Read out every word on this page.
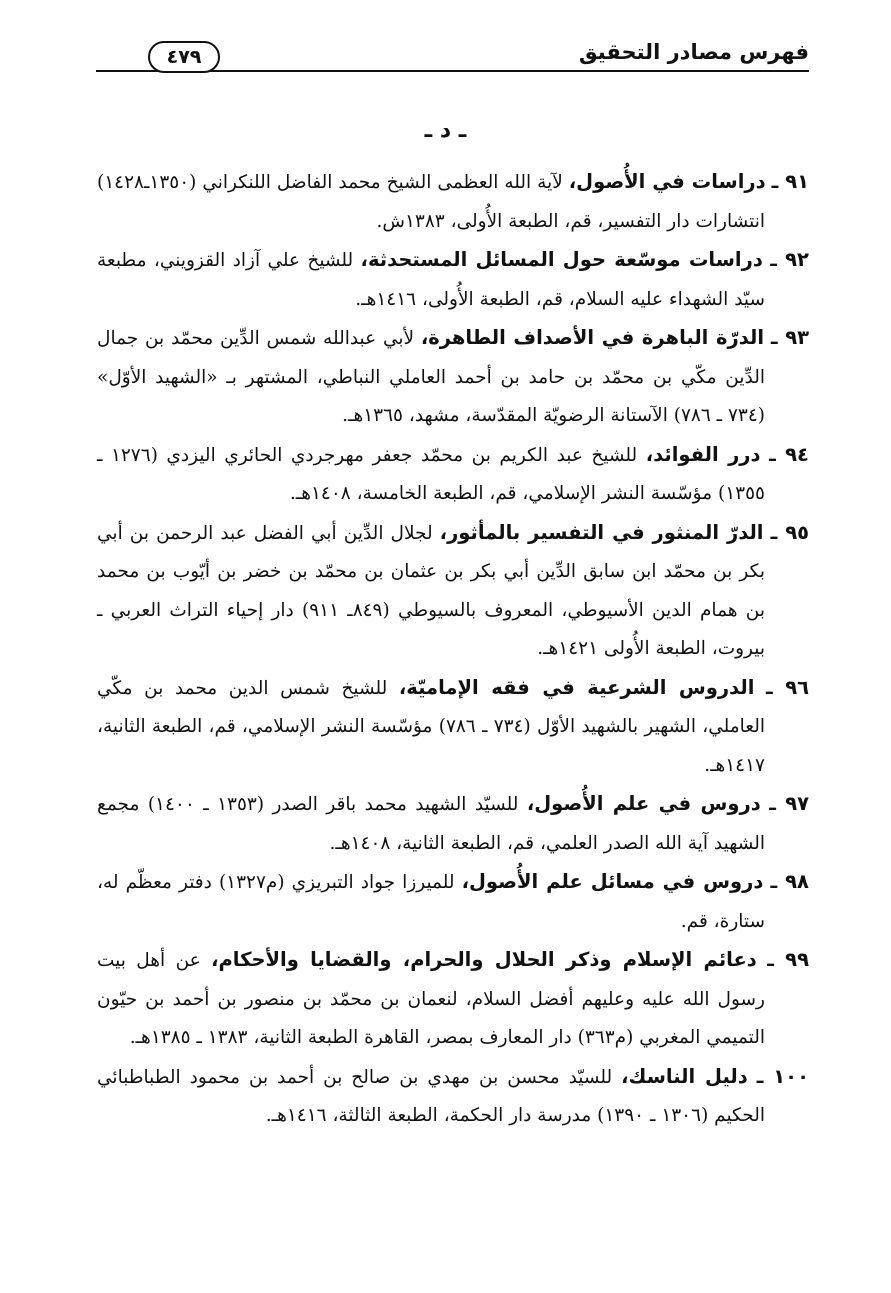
فهرس مصادر التحقيق
٤٧٩
ـ د ـ

٩١ ـ دراسات في الأُصول، لآية الله العظمى الشيخ محمد الفاضل اللنكراني (١٣٥٠ـ١٤٢٨) انتشارات دار التفسير، قم، الطبعة الأُولى، ١٣٨٣ش.

٩٢ ـ دراسات موسّعة حول المسائل المستحدثة، للشيخ علي آزاد القزويني، مطبعة سيّد الشهداء عليه السلام، قم، الطبعة الأُولى، ١٤١٦هـ.

٩٣ ـ الدرّة الباهرة في الأصداف الطاهرة، لأبي عبدالله شمس الدِّين محمّد بن جمال الدِّين مكّي بن محمّد بن حامد بن أحمد العاملي النباطي، المشتهر بـ «الشهيد الأوّل» (٧٣٤ ـ ٧٨٦) الآستانة الرضويّة المقدّسة، مشهد، ١٣٦٥هـ.

٩٤ ـ درر الفوائد، للشيخ عبد الكريم بن محمّد جعفر مهرجردي الحائري اليزدي (١٢٧٦ ـ ١٣٥٥) مؤسّسة النشر الإسلامي، قم، الطبعة الخامسة، ١٤٠٨هـ.

٩٥ ـ الدرّ المنثور في التفسير بالمأثور، لجلال الدِّين أبي الفضل عبد الرحمن بن أبي بكر بن محمّد ابن سابق الدِّين أبي بكر بن عثمان بن محمّد بن خضر بن أيّوب بن محمد بن همام الدين الأسيوطي، المعروف بالسيوطي (٨٤٩ـ ٩١١) دار إحياء التراث العربي ـ بيروت، الطبعة الأُولى ١٤٢١هـ.

٩٦ ـ الدروس الشرعية في فقه الإماميّة، للشيخ شمس الدين محمد بن مكّي العاملي، الشهير بالشهيد الأوّل (٧٣٤ ـ ٧٨٦) مؤسّسة النشر الإسلامي، قم، الطبعة الثانية، ١٤١٧هـ.

٩٧ ـ دروس في علم الأُصول، للسيّد الشهيد محمد باقر الصدر (١٣٥٣ ـ ١٤٠٠) مجمع الشهيد آية الله الصدر العلمي، قم، الطبعة الثانية، ١٤٠٨هـ.

٩٨ ـ دروس في مسائل علم الأُصول، للميرزا جواد التبريزي (م١٣٢٧) دفتر معظّم له، ستارة، قم.

٩٩ ـ دعائم الإسلام وذكر الحلال والحرام، والقضايا والأحكام، عن أهل بيت رسول الله عليه وعليهم أفضل السلام، لنعمان بن محمّد بن منصور بن أحمد بن حيّون التميمي المغربي (م٣٦٣) دار المعارف بمصر، القاهرة الطبعة الثانية، ١٣٨٣ ـ ١٣٨٥هـ.

١٠٠ ـ دليل الناسك، للسيّد محسن بن مهدي بن صالح بن أحمد بن محمود الطباطبائي الحكيم (١٣٠٦ ـ ١٣٩٠) مدرسة دار الحكمة، الطبعة الثالثة، ١٤١٦هـ.
